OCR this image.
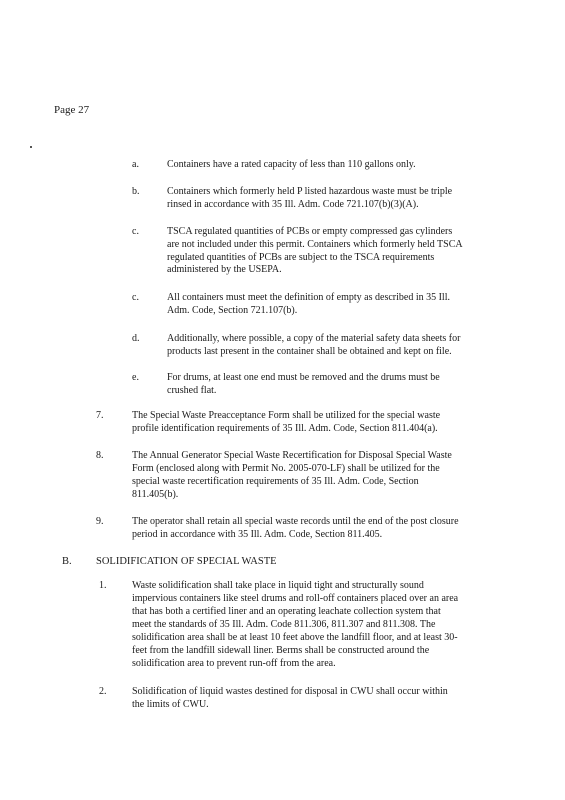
Page 27
a.	Containers have a rated capacity of less than 110 gallons only.
b.	Containers which formerly held P listed hazardous waste must be triple
rinsed in accordance with 35 Ill. Adm. Code 721.107(b)(3)(A).
c.	TSCA regulated quantities of PCBs or empty compressed gas cylinders
are not included under this permit. Containers which formerly held TSCA
regulated quantities of PCBs are subject to the TSCA requirements
administered by the USEPA.
c.	All containers must meet the definition of empty as described in 35 Ill.
Adm. Code, Section 721.107(b).
d.	Additionally, where possible, a copy of the material safety data sheets for
products last present in the container shall be obtained and kept on file.
e.	For drums, at least one end must be removed and the drums must be
crushed flat.
7.	The Special Waste Preacceptance Form shall be utilized for the special waste
profile identification requirements of 35 Ill. Adm. Code, Section 811.404(a).
8.	The Annual Generator Special Waste Recertification for Disposal Special Waste
Form (enclosed along with Permit No. 2005-070-LF) shall be utilized for the
special waste recertification requirements of 35 Ill. Adm. Code, Section
811.405(b).
9.	The operator shall retain all special waste records until the end of the post closure
period in accordance with 35 Ill. Adm. Code, Section 811.405.
B. SOLIDIFICATION OF SPECIAL WASTE
1.	Waste solidification shall take place in liquid tight and structurally sound
impervious containers like steel drums and roll-off containers placed over an area
that has both a certified liner and an operating leachate collection system that
meet the standards of 35 Ill. Adm. Code 811.306, 811.307 and 811.308. The
solidification area shall be at least 10 feet above the landfill floor, and at least 30-
feet from the landfill sidewall liner. Berms shall be constructed around the
solidification area to prevent run-off from the area.
2.	Solidification of liquid wastes destined for disposal in CWU shall occur within
the limits of CWU.
